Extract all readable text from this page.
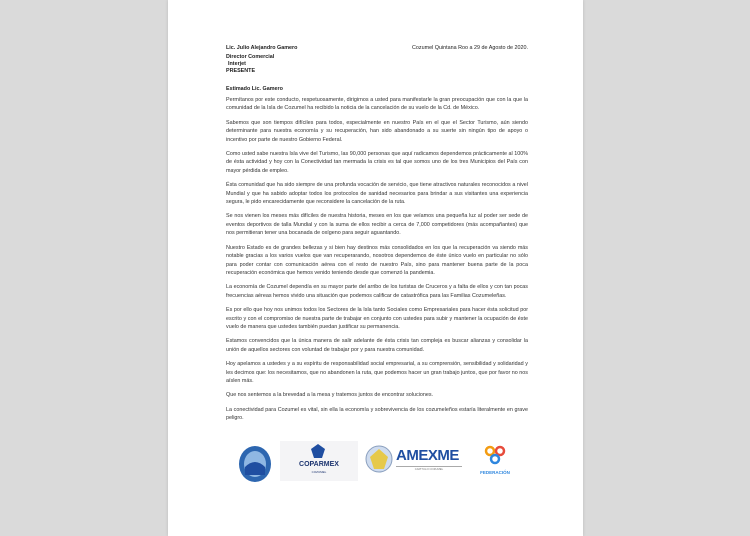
Lic. Julio Alejandro Gamero	Cozumel Quintana Roo a 29 de Agosto de 2020.
Director Comercial
Interjet
PRESENTE
Estimado Lic. Gamero

Permítanos por este conducto, respetuosamente, dirigirnos a usted para manifestarle la gran preocupación que con la que la comunidad de la Isla de Cozumel ha recibido la noticia de la cancelación de su vuelo de la Cd. de México.

Sabemos que son tiempos difíciles para todos, especialmente en nuestro País en el que el Sector Turismo, aún siendo determinante para nuestra economía y su recuperación, han sido abandonado a su suerte sin ningún tipo de apoyo o incentivo por parte de nuestro Gobierno Federal.

Como usted sabe nuestra Isla vive del Turismo, las 90,000 personas que aquí radicamos dependemos prácticamente al 100% de ésta actividad y hoy con la Conectividad tan mermada la crisis es tal que somos uno de los tres Municipios del País con mayor pérdida de empleo.

Ésta comunidad que ha sido siempre de una profunda vocación de servicio, que tiene atractivos naturales reconocidos a nivel Mundial y que ha sabido adoptar todos los protocolos de sanidad necesarios para brindar a sus visitantes una experiencia segura, le pido encarecidamente que reconsidere la cancelación de la ruta.

Se nos vienen los meses más difíciles de nuestra historia, meses en los que veíamos una pequeña luz al poder ser sede de eventos deportivos de talla Mundial y con la suma de ellos recibir a cerca de 7,000 competidores (más acompañantes) que nos permitieran tener una bocanada de oxígeno para seguir aguantando.

Nuestro Estado es de grandes bellezas y si bien hay destinos más consolidados en los que la recuperación va siendo más notable gracias a los varios vuelos que van recuperarando, nosotros dependemos de éste único vuelo en particular no sólo para poder contar con comunicación aérea con el resto de nuestro País, sino para mantener buena parte de la poca recuperación económica que hemos venido teniendo desde que comenzó la pandemia.

La economía de Cozumel dependía en su mayor parte del arribo de los turistas de Cruceros y a falta de ellos y con tan pocas frecuencias aéreas hemos vivido una situación que podemos calificar de catastrófica para las Familias Cozumeleñas.

Es por ello que hoy nos unimos todos los Sectores de la Isla tanto Sociales como Empresariales para hacer ésta solicitud por escrito y con el compromiso de nuestra parte de trabajar en conjunto con ustedes para subir y mantener la ocupación de éste vuelo de manera que ustedes también puedan justificar su permanencia.

Estamos convencidos que la única manera de salir adelante de ésta crisis tan compleja es buscar alianzas y consolidar la unión de aquellos sectores con voluntad de trabajar por y para nuestra comunidad.

Hoy apelamos a ustedes y a su espíritu de responsabilidad social empresarial, a su comprensión, sensibilidad y solidaridad y les decimos que: los necesitamos, que no abandonen la ruta, que podemos hacer un gran trabajo juntos, que por favor no nos aíslen más.

Que nos sentemos a la brevedad a la mesa y tratemos juntos de encontrar soluciones.

La conectividad para Cozumel es vital, sin ella la economía y sobrevivencia de los cozumeleños estaría literalmente en grave peligro.

COPARMEX
COZUMEL
AMEXME
CAPITULO COZUMEL
FEDERACIÓN
